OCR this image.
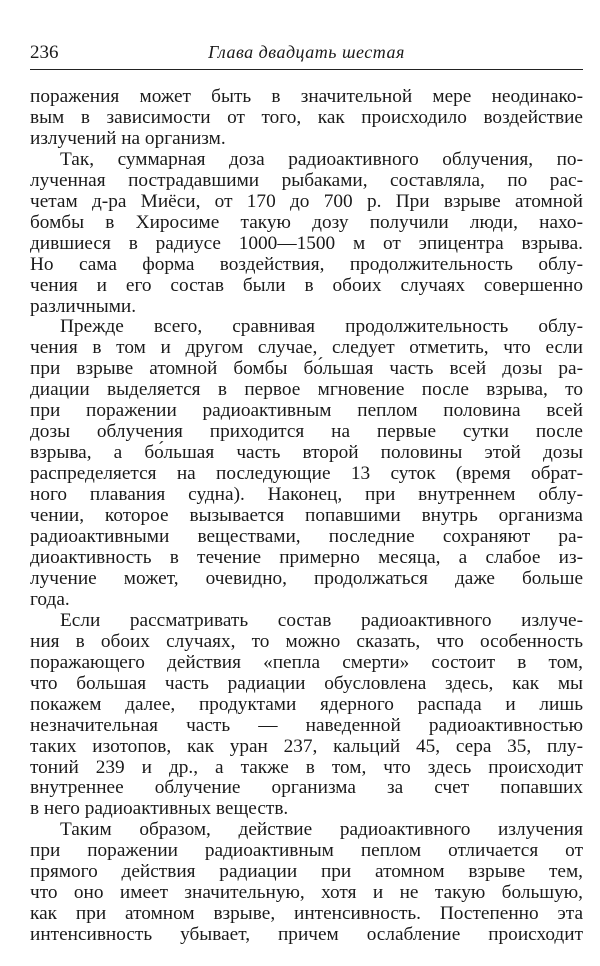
236	Глава двадцать шестая
поражения может быть в значительной мере неодинако-
вым в зависимости от того, как происходило воздействие
излучений на организм.
Так, суммарная доза радиоактивного облучения, по-
лученная пострадавшими рыбаками, составляла, по рас-
четам д-ра Миёси, от 170 до 700 р. При взрыве атомной
бомбы в Хиросиме такую дозу получили люди, нахо-
дившиеся в радиусе 1000—1500 м от эпицентра взрыва.
Но сама форма воздействия, продолжительность облу-
чения и его состав были в обоих случаях совершенно
различными.
Прежде всего, сравнивая продолжительность облу-
чения в том и другом случае, следует отметить, что если
при взрыве атомной бомбы бо́льшая часть всей дозы ра-
диации выделяется в первое мгновение после взрыва, то
при поражении радиоактивным пеплом половина всей
дозы облучения приходится на первые сутки после
взрыва, а бо́льшая часть второй половины этой дозы
распределяется на последующие 13 суток (время обрат-
ного плавания судна). Наконец, при внутреннем облу-
чении, которое вызывается попавшими внутрь организма
радиоактивными веществами, последние сохраняют ра-
диоактивность в течение примерно месяца, а слабое из-
лучение может, очевидно, продолжаться даже больше
года.
Если рассматривать состав радиоактивного излуче-
ния в обоих случаях, то можно сказать, что особенность
поражающего действия «пепла смерти» состоит в том,
что большая часть радиации обусловлена здесь, как мы
покажем далее, продуктами ядерного распада и лишь
незначительная часть — наведенной радиоактивностью
таких изотопов, как уран 237, кальций 45, сера 35, плу-
тоний 239 и др., а также в том, что здесь происходит
внутреннее облучение организма за счет попавших
в него радиоактивных веществ.
Таким образом, действие радиоактивного излучения
при поражении радиоактивным пеплом отличается от
прямого действия радиации при атомном взрыве тем,
что оно имеет значительную, хотя и не такую большую,
как при атомном взрыве, интенсивность. Постепенно эта
интенсивность убывает, причем ослабление происходит
